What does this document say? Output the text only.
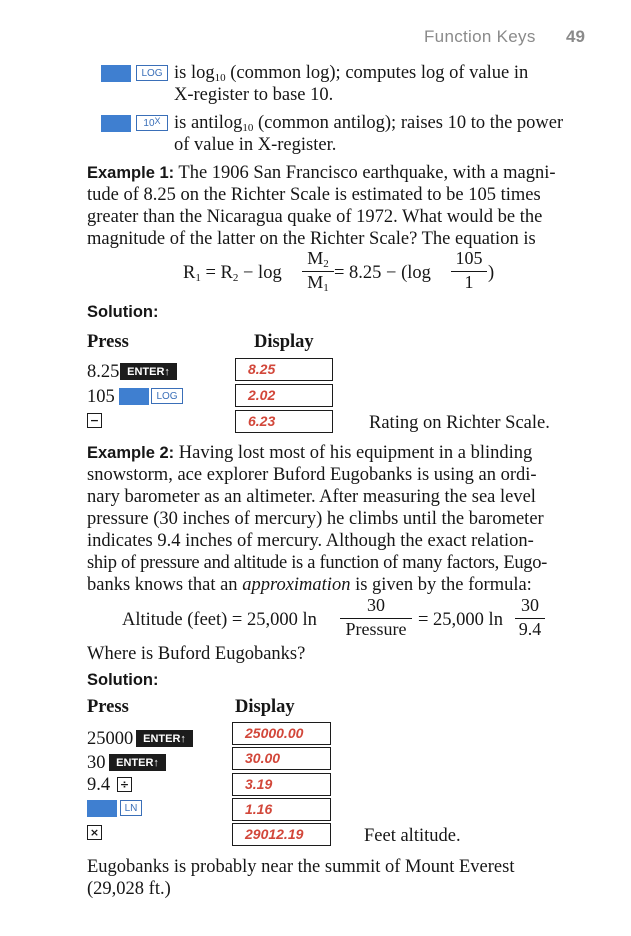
Function Keys 49
LOG is $\log_{10}$ (common log); computes log of value in
X-register to base 10.
10 X is antilog$_{10}$ (common antilog); raises 10 to the power
of value in X-register.
Example 1: The 1906 San Francisco earthquake, with a magni-
tude of 8.25 on the Richter Scale is estimated to be 105 times
greater than the Nicaragua quake of 1972. What would be the
magnitude of the latter on the Richter Scale? The equation is
$R_1 = R_2 - \log$
$M_2$
$M_1$
= 8.25 − (log
105
1 )
Solution:
Press	Display
8.25 ENTER↑	8.25
105	LOG	2.02
−	6.23	Rating on Richter Scale.
Example 2: Having lost most of his equipment in a blinding
snowstorm, ace explorer Buford Eugobanks is using an ordi-
nary barometer as an altimeter. After measuring the sea level
pressure (30 inches of mercury) he climbs until the barometer
indicates 9.4 inches of mercury. Although the exact relation-
ship of pressure and altitude is a function of many factors, Eugo-
banks knows that an approximation is given by the formula:
Altitude (feet) = 25,000 ln
30
Pressure = 25,000 ln
30
9.4
Where is Buford Eugobanks?
Solution:
Press	Display
25000 ENTER↑	25000.00
30 ENTER↑	30.00
9.4 ÷	3.19
LN	1.16
×	29012.19	Feet altitude.
Eugobanks is probably near the summit of Mount Everest
(29,028 ft.)
